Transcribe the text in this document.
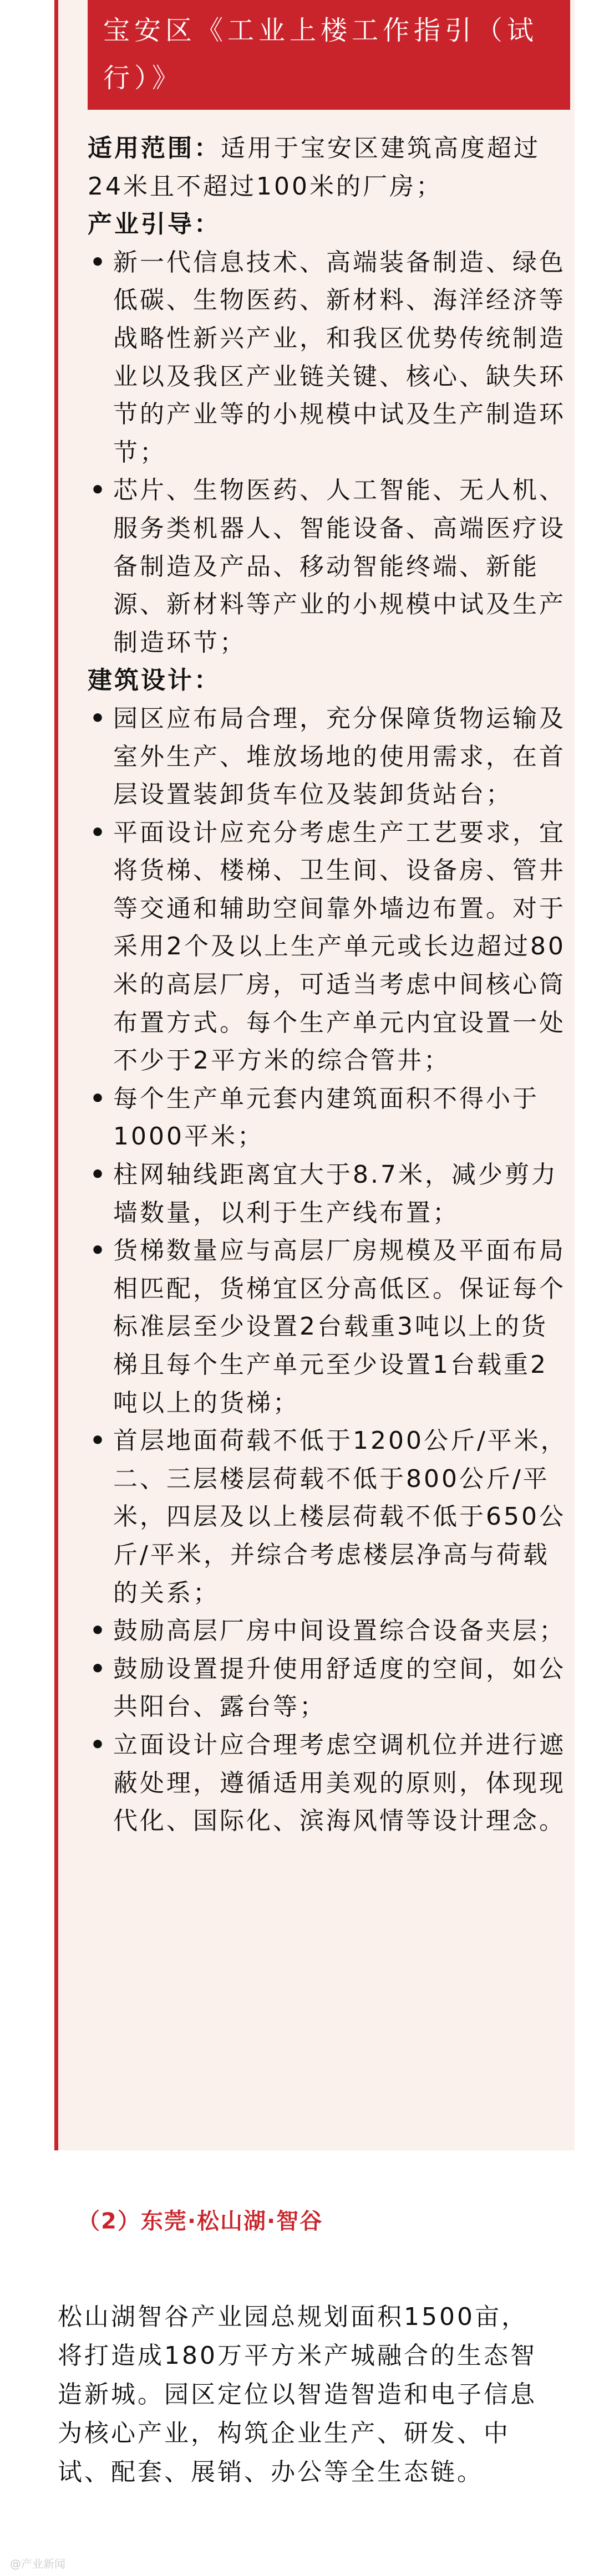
宝安区《工业上楼工作指引（试行）》

适用范围：适用于宝安区建筑高度超过24米且不超过100米的厂房；

产业引导：

• 新一代信息技术、高端装备制造、绿色低碳、生物医药、新材料、海洋经济等战略性新兴产业，和我区优势传统制造业以及我区产业链关键、核心、缺失环节的产业等的小规模中试及生产制造环节；
• 芯片、生物医药、人工智能、无人机、服务类机器人、智能设备、高端医疗设备制造及产品、移动智能终端、新能源、新材料等产业的小规模中试及生产制造环节；

建筑设计：

• 园区应布局合理，充分保障货物运输及室外生产、堆放场地的使用需求，在首层设置装卸货车位及装卸货站台；
• 平面设计应充分考虑生产工艺要求，宜将货梯、楼梯、卫生间、设备房、管井等交通和辅助空间靠外墙边布置。对于采用2个及以上生产单元或长边超过80米的高层厂房，可适当考虑中间核心筒布置方式。每个生产单元内宜设置一处不少于2平方米的综合管井；
• 每个生产单元套内建筑面积不得小于1000平米；
• 柱网轴线距离宜大于8.7米，减少剪力墙数量，以利于生产线布置；
• 货梯数量应与高层厂房规模及平面布局相匹配，货梯宜区分高低区。保证每个标准层至少设置2台载重3吨以上的货梯且每个生产单元至少设置1台载重2吨以上的货梯；
• 首层地面荷载不低于1200公斤/平米，二、三层楼层荷载不低于800公斤/平米，四层及以上楼层荷载不低于650公斤/平米，并综合考虑楼层净高与荷载的关系；
• 鼓励高层厂房中间设置综合设备夹层；
• 鼓励设置提升使用舒适度的空间，如公共阳台、露台等；
• 立面设计应合理考虑空调机位并进行遮蔽处理，遵循适用美观的原则，体现现代化、国际化、滨海风情等设计理念。
（2）东莞·松山湖·智谷

松山湖智谷产业园总规划面积1500亩，将打造成180万平方米产城融合的生态智造新城。园区定位以智造智造和电子信息为核心产业，构筑企业生产、研发、中试、配套、展销、办公等全生态链。

@产业新闻
